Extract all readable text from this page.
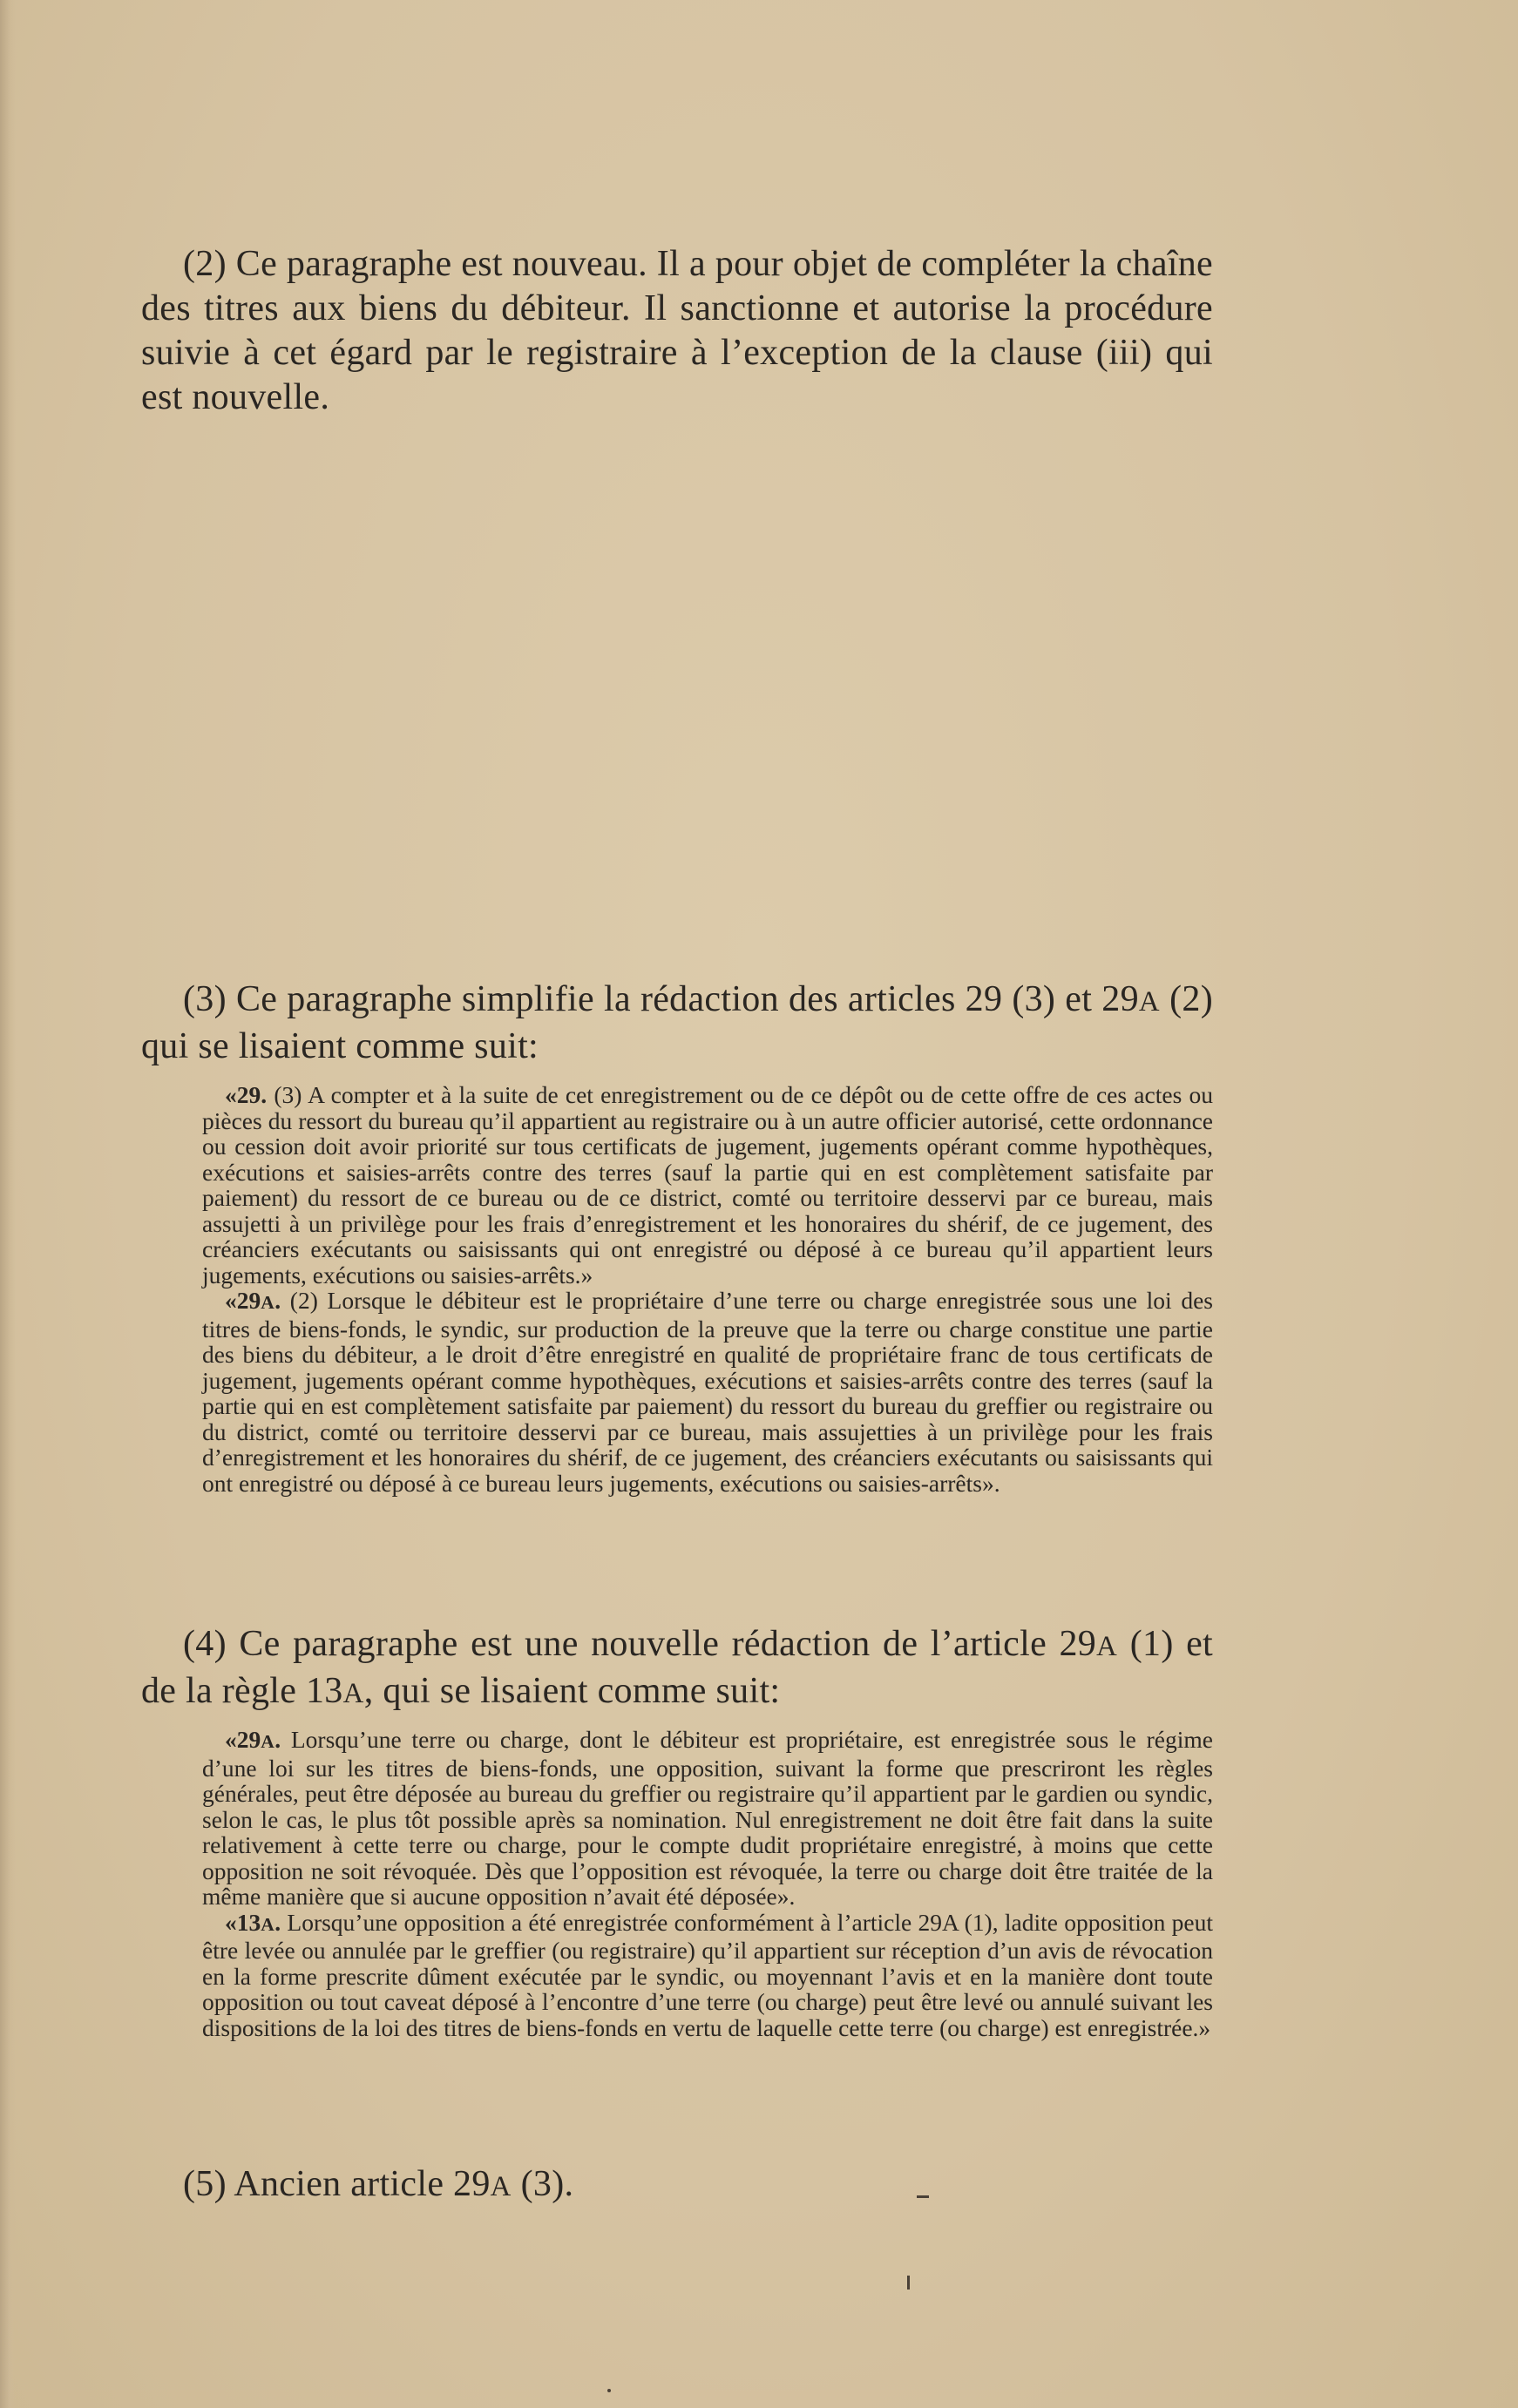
(2) Ce paragraphe est nouveau. Il a pour objet de compléter la chaîne des titres aux biens du débiteur. Il sanctionne et autorise la procédure suivie à cet égard par le registraire à l’exception de la clause (iii) qui est nouvelle.

(3) Ce paragraphe simplifie la rédaction des articles 29 (3) et 29A (2) qui se lisaient comme suit:

«29. (3) A compter et à la suite de cet enregistrement ou de ce dépôt ou de cette offre de ces actes ou pièces du ressort du bureau qu’il appartient au registraire ou à un autre officier autorisé, cette ordonnance ou cession doit avoir priorité sur tous certificats de jugement, jugements opérant comme hypothèques, exécutions et saisies-arrêts contre des terres (sauf la partie qui en est complètement satisfaite par paiement) du ressort de ce bureau ou de ce district, comté ou territoire desservi par ce bureau, mais assujetti à un privilège pour les frais d’enregistrement et les honoraires du shérif, de ce jugement, des créanciers exécutants ou saisissants qui ont enregistré ou déposé à ce bureau qu’il appartient leurs jugements, exécutions ou saisies-arrêts.»

«29A. (2) Lorsque le débiteur est le propriétaire d’une terre ou charge enregistrée sous une loi des titres de biens-fonds, le syndic, sur production de la preuve que la terre ou charge constitue une partie des biens du débiteur, a le droit d’être enregistré en qualité de propriétaire franc de tous certificats de jugement, jugements opérant comme hypothèques, exécutions et saisies-arrêts contre des terres (sauf la partie qui en est complètement satisfaite par paiement) du ressort du bureau du greffier ou registraire ou du district, comté ou territoire desservi par ce bureau, mais assujetties à un privilège pour les frais d’enregistrement et les honoraires du shérif, de ce jugement, des créanciers exécutants ou saisissants qui ont enregistré ou déposé à ce bureau leurs jugements, exécutions ou saisies-arrêts».

(4) Ce paragraphe est une nouvelle rédaction de l’article 29A (1) et de la règle 13A, qui se lisaient comme suit:

«29A. Lorsqu’une terre ou charge, dont le débiteur est propriétaire, est enregistrée sous le régime d’une loi sur les titres de biens-fonds, une opposition, suivant la forme que prescriront les règles générales, peut être déposée au bureau du greffier ou registraire qu’il appartient par le gardien ou syndic, selon le cas, le plus tôt possible après sa nomination. Nul enregistrement ne doit être fait dans la suite relativement à cette terre ou charge, pour le compte dudit propriétaire enregistré, à moins que cette opposition ne soit révoquée. Dès que l’opposition est révoquée, la terre ou charge doit être traitée de la même manière que si aucune opposition n’avait été déposée».

«13A. Lorsqu’une opposition a été enregistrée conformément à l’article 29A (1), ladite opposition peut être levée ou annulée par le greffier (ou registraire) qu’il appartient sur réception d’un avis de révocation en la forme prescrite dûment exécutée par le syndic, ou moyennant l’avis et en la manière dont toute opposition ou tout caveat déposé à l’encontre d’une terre (ou charge) peut être levé ou annulé suivant les dispositions de la loi des titres de biens-fonds en vertu de laquelle cette terre (ou charge) est enregistrée.»

(5) Ancien article 29A (3).
